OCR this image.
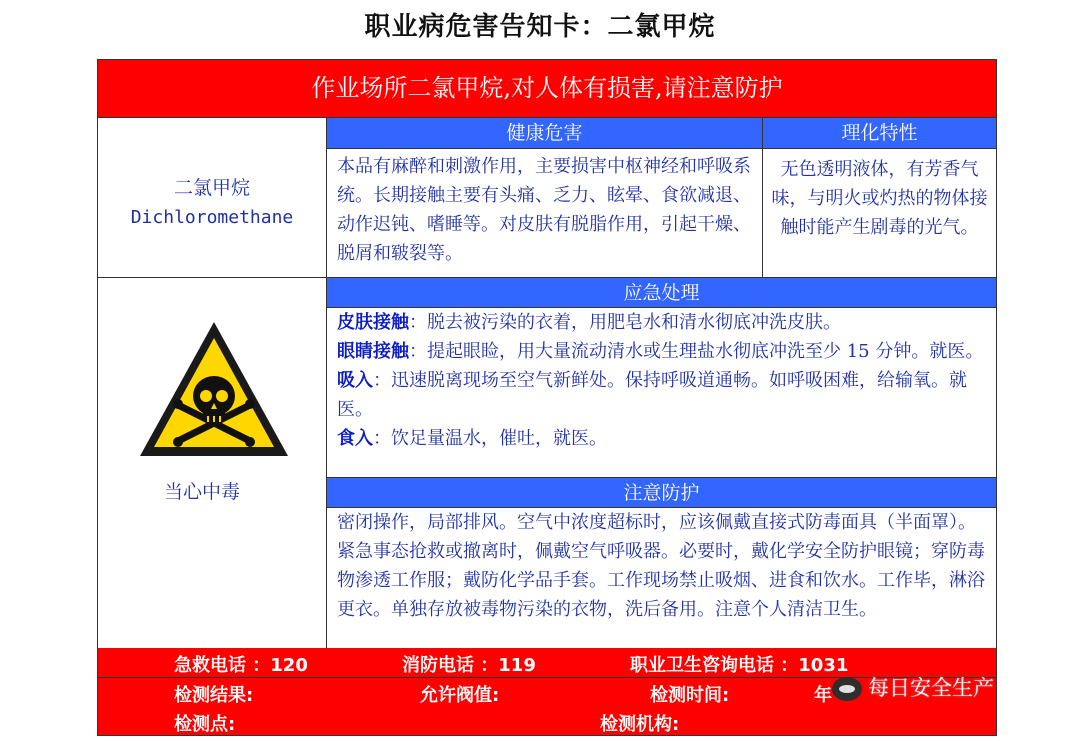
职业病危害告知卡：二氯甲烷
作业场所二氯甲烷,对人体有损害,请注意防护
二氯甲烷
Dichloromethane
健康危害
本品有麻醉和刺激作用，主要损害中枢神经和呼吸系统。长期接触主要有头痛、乏力、眩晕、食欲减退、动作迟钝、嗜睡等。对皮肤有脱脂作用，引起干燥、脱屑和皲裂等。
理化特性
无色透明液体，有芳香气味，与明火或灼热的物体接触时能产生剧毒的光气。
当心中毒
应急处理
皮肤接触：脱去被污染的衣着，用肥皂水和清水彻底冲洗皮肤。
眼睛接触：提起眼睑，用大量流动清水或生理盐水彻底冲洗至少 15 分钟。就医。
吸入：迅速脱离现场至空气新鲜处。保持呼吸道通畅。如呼吸困难，给输氧。就医。
食入：饮足量温水，催吐，就医。
注意防护
密闭操作，局部排风。空气中浓度超标时，应该佩戴直接式防毒面具（半面罩）。紧急事态抢救或撤离时，佩戴空气呼吸器。必要时，戴化学安全防护眼镜；穿防毒物渗透工作服；戴防化学品手套。工作现场禁止吸烟、进食和饮水。工作毕，淋浴更衣。单独存放被毒物污染的衣物，洗后备用。注意个人清洁卫生。
急救电话 ：120	消防电话 ：119	职业卫生咨询电话 ：1031
检测结果:	允许阀值:	检测时间:	年
检测点:	检测机构:
每日安全生产
